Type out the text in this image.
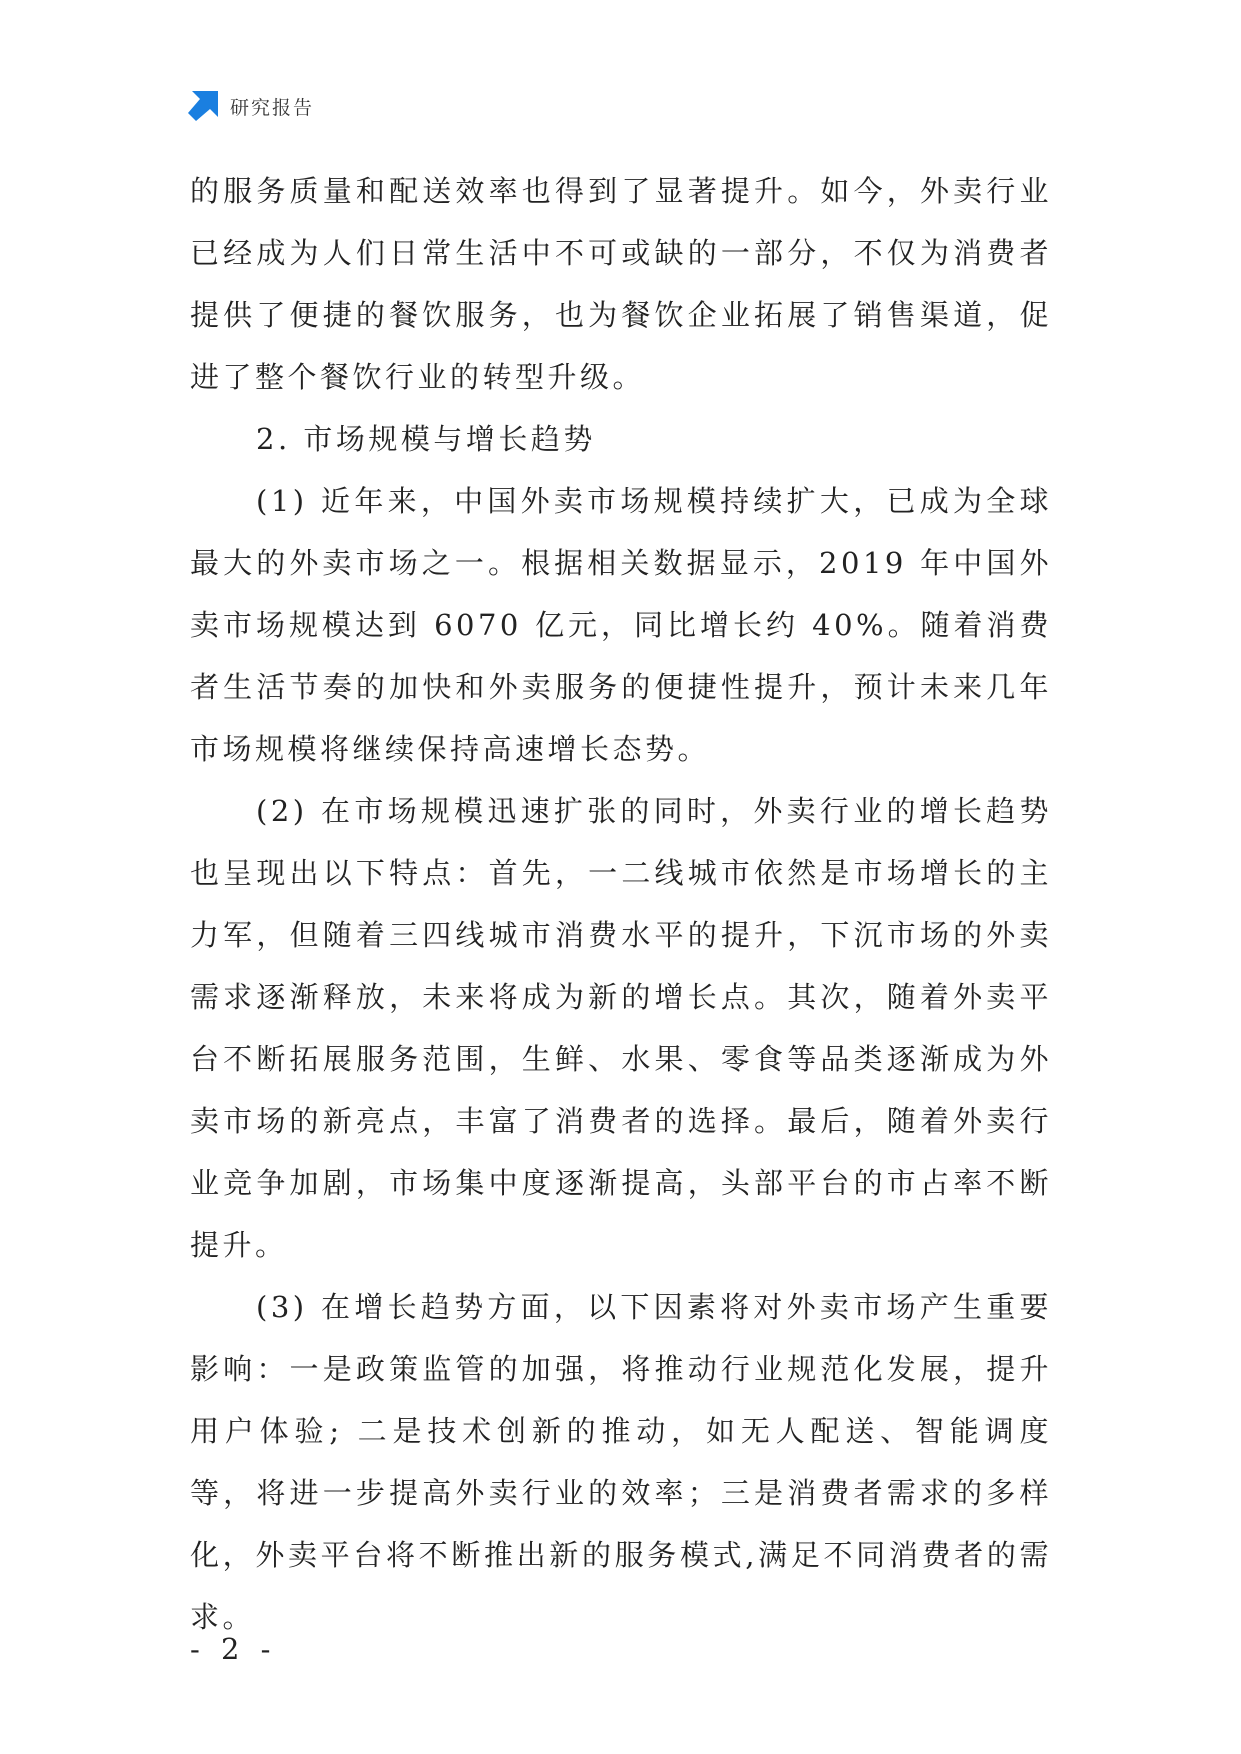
研究报告

的服务质量和配送效率也得到了显著提升。如今，外卖行业已经成为人们日常生活中不可或缺的一部分，不仅为消费者提供了便捷的餐饮服务，也为餐饮企业拓展了销售渠道，促进了整个餐饮行业的转型升级。

2. 市场规模与增长趋势

(1) 近年来，中国外卖市场规模持续扩大，已成为全球最大的外卖市场之一。根据相关数据显示，2019 年中国外卖市场规模达到 6070 亿元，同比增长约 40%。随着消费者生活节奏的加快和外卖服务的便捷性提升，预计未来几年市场规模将继续保持高速增长态势。

(2) 在市场规模迅速扩张的同时，外卖行业的增长趋势也呈现出以下特点：首先，一二线城市依然是市场增长的主力军，但随着三四线城市消费水平的提升，下沉市场的外卖需求逐渐释放，未来将成为新的增长点。其次，随着外卖平台不断拓展服务范围，生鲜、水果、零食等品类逐渐成为外卖市场的新亮点，丰富了消费者的选择。最后，随着外卖行业竞争加剧，市场集中度逐渐提高，头部平台的市占率不断提升。

(3) 在增长趋势方面，以下因素将对外卖市场产生重要影响：一是政策监管的加强，将推动行业规范化发展，提升用户体验; 二是技术创新的推动，如无人配送、智能调度等，将进一步提高外卖行业的效率；三是消费者需求的多样化，外卖平台将不断推出新的服务模式,满足不同消费者的需求。

- 2 -
